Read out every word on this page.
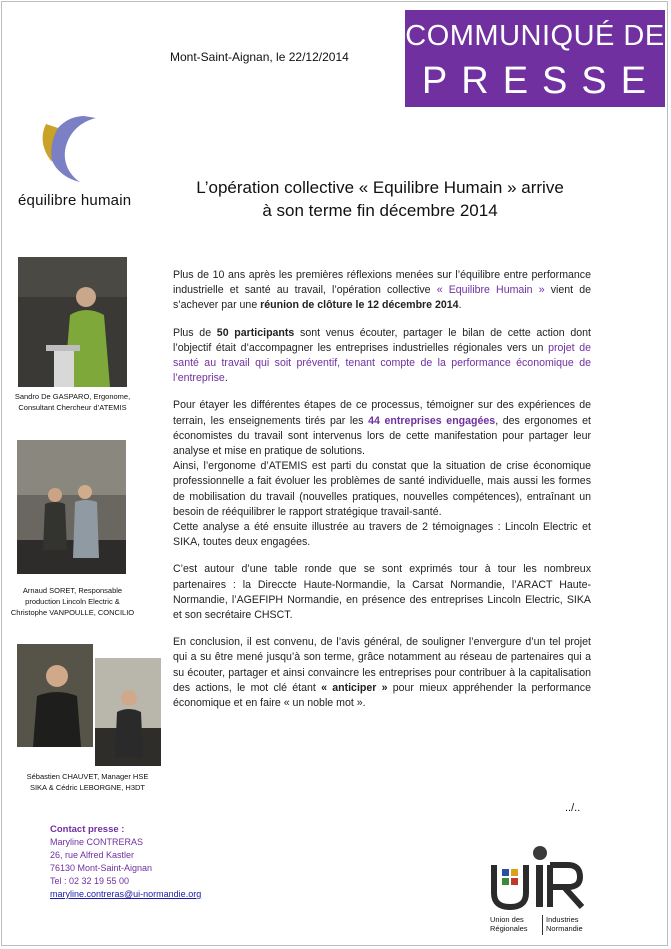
Mont-Saint-Aignan, le 22/12/2014
COMMUNIQUÉ DE
PRESSE
équilibre humain
L’opération collective « Equilibre Humain » arrive
à son terme fin décembre 2014
Sandro De GASPARO, Ergonome,
Consultant Chercheur d’ATEMIS
Arnaud SORET, Responsable
production Lincoln Electric &
Christophe VANPOULLE, CONCILIO
Sébastien CHAUVET, Manager HSE
SIKA & Cédric LEBORGNE, H3DT

Plus de 10 ans après les premières réflexions menées sur l’équilibre entre performance industrielle et santé au travail, l’opération collective « Equilibre Humain » vient de s’achever par une réunion de clôture le 12 décembre 2014.

Plus de 50 participants sont venus écouter, partager le bilan de cette action dont l’objectif était d’accompagner les entreprises industrielles régionales vers un projet de santé au travail qui soit préventif, tenant compte de la performance économique de l’entreprise.

Pour étayer les différentes étapes de ce processus, témoigner sur des expériences de terrain, les enseignements tirés par les 44 entreprises engagées, des ergonomes et économistes du travail sont intervenus lors de cette manifestation pour partager leur analyse et mise en pratique de solutions.

Ainsi, l’ergonome d’ATEMIS est parti du constat que la situation de crise économique professionnelle a fait évoluer les problèmes de santé individuelle, mais aussi les formes de mobilisation du travail (nouvelles pratiques, nouvelles compétences), entraînant un besoin de rééquilibrer le rapport stratégique travail-santé.

Cette analyse a été ensuite illustrée au travers de 2 témoignages : Lincoln Electric et SIKA, toutes deux engagées.

C’est autour d’une table ronde que se sont exprimés tour à tour les nombreux partenaires : la Direccte Haute-Normandie, la Carsat Normandie, l’ARACT Haute-Normandie, l’AGEFIPH Normandie, en présence des entreprises Lincoln Electric, SIKA et son secrétaire CHSCT.

En conclusion, il est convenu, de l’avis général, de souligner l’envergure d’un tel projet qui a su être mené jusqu’à son terme, grâce notamment au réseau de partenaires qui a su écouter, partager et ainsi convaincre les entreprises pour contribuer à la capitalisation des actions, le mot clé étant « anticiper » pour mieux appréhender la performance économique et en faire « un noble mot ».

../..
Contact presse :
Maryline CONTRERAS
26, rue Alfred Kastler
76130 Mont-Saint-Aignan
Tel : 02 32 19 55 00
maryline.contreras@ui-normandie.org
Union des
Régionales
Industries
Normandie
